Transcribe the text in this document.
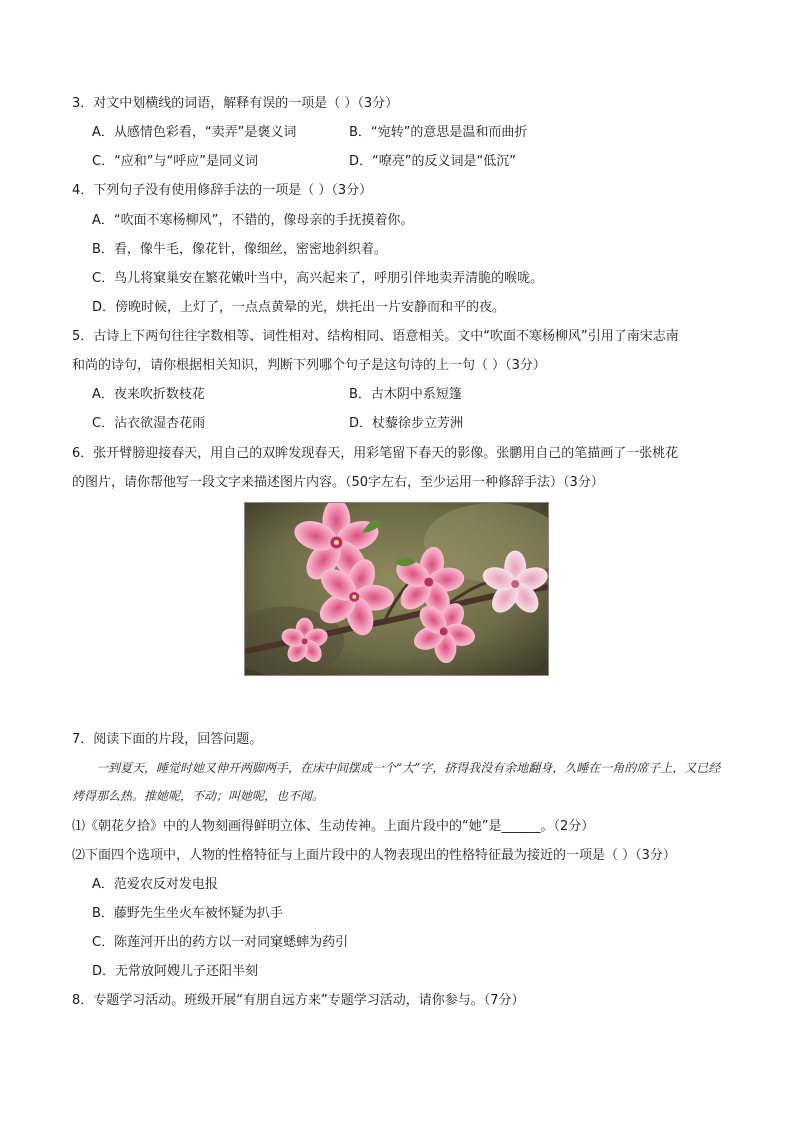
3．对文中划横线的词语，解释有误的一项是（ ）（3分）
A．从感情色彩看，“卖弄”是褒义词	B．“宛转”的意思是温和而曲折
C．“应和”与“呼应”是同义词	D．“嘹亮”的反义词是“低沉”
4．下列句子没有使用修辞手法的一项是（ ）（3分）
A．“吹面不寒杨柳风”，不错的，像母亲的手抚摸着你。
B．看，像牛毛，像花针，像细丝，密密地斜织着。
C．鸟儿将窠巢安在繁花嫩叶当中，高兴起来了，呼朋引伴地卖弄清脆的喉咙。
D．傍晚时候，上灯了，一点点黄晕的光，烘托出一片安静而和平的夜。
5．古诗上下两句往往字数相等、词性相对、结构相同、语意相关。文中“吹面不寒杨柳风”引用了南宋志南
和尚的诗句，请你根据相关知识，判断下列哪个句子是这句诗的上一句（ ）（3分）
A．夜来吹折数枝花	B．古木阴中系短篷
C．沾衣欲湿杏花雨	D．杖藜徐步立芳洲
6．张开臂膀迎接春天，用自己的双眸发现春天，用彩笔留下春天的影像。张鹏用自己的笔描画了一张桃花
的图片，请你帮他写一段文字来描述图片内容。（50字左右，至少运用一种修辞手法）（3分）
7．阅读下面的片段，回答问题。
一到夏天，睡觉时她又伸开两脚两手，在床中间摆成一个“大”字，挤得我没有余地翻身，久睡在一角的席子上，又已经烤得那么热。推她呢，不动；叫她呢，也不闻。
⑴《朝花夕拾》中的人物刻画得鲜明立体、生动传神。上面片段中的“她”是______。（2分）
⑵下面四个选项中，人物的性格特征与上面片段中的人物表现出的性格特征最为接近的一项是（ ）（3分）
A．范爱农反对发电报
B．藤野先生坐火车被怀疑为扒手
C．陈莲河开出的药方以一对同窠蟋蟀为药引
D．无常放阿嫂儿子还阳半刻
8．专题学习活动。班级开展“有朋自远方来”专题学习活动，请你参与。（7分）
